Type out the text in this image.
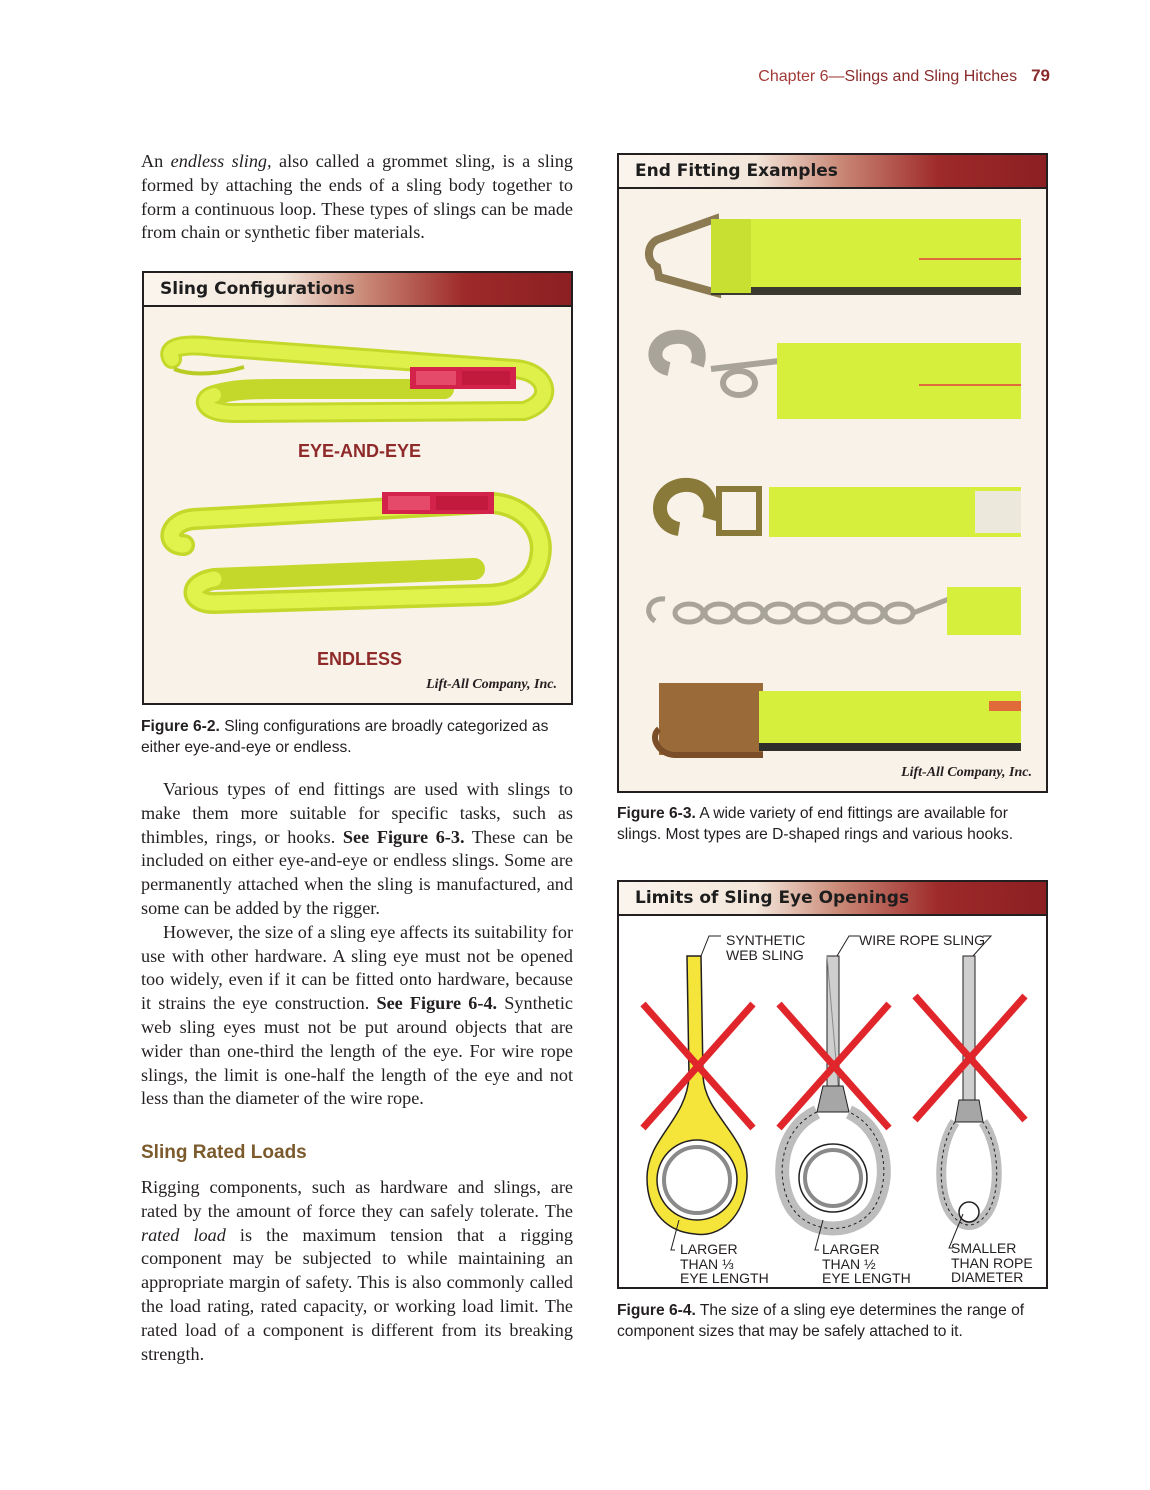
Chapter 6—Slings and Sling Hitches 79

An endless sling, also called a grommet sling, is a sling formed by attaching the ends of a sling body together to form a continuous loop. These types of slings can be made from chain or synthetic fiber materials.

Sling Configurations
EYE-AND-EYE
ENDLESS
Lift-All Company, Inc.
Figure 6-2. Sling configurations are broadly categorized as either eye-and-eye or endless.

Various types of end fittings are used with slings to make them more suitable for specific tasks, such as thimbles, rings, or hooks. See Figure 6-3. These can be included on either eye-and-eye or endless slings. Some are permanently attached when the sling is manufactured, and some can be added by the rigger.

However, the size of a sling eye affects its suitability for use with other hardware. A sling eye must not be opened too widely, even if it can be fitted onto hardware, because it strains the eye construction. See Figure 6-4. Synthetic web sling eyes must not be put around objects that are wider than one-third the length of the eye. For wire rope slings, the limit is one-half the length of the eye and not less than the diameter of the wire rope.

Sling Rated Loads

Rigging components, such as hardware and slings, are rated by the amount of force they can safely tolerate. The rated load is the maximum tension that a rigging component may be subjected to while maintaining an appropriate margin of safety. This is also commonly called the load rating, rated capacity, or working load limit. The rated load of a component is different from its breaking strength.

End Fitting Examples
Lift-All Company, Inc.
Figure 6-3. A wide variety of end fittings are available for slings. Most types are D-shaped rings and various hooks.
Limits of Sling Eye Openings
SYNTHETIC
WEB SLING
WIRE ROPE SLING
LARGER
THAN ⅓
EYE LENGTH
LARGER
THAN ½
EYE LENGTH
SMALLER
THAN ROPE
DIAMETER
Figure 6-4. The size of a sling eye determines the range of component sizes that may be safely attached to it.
